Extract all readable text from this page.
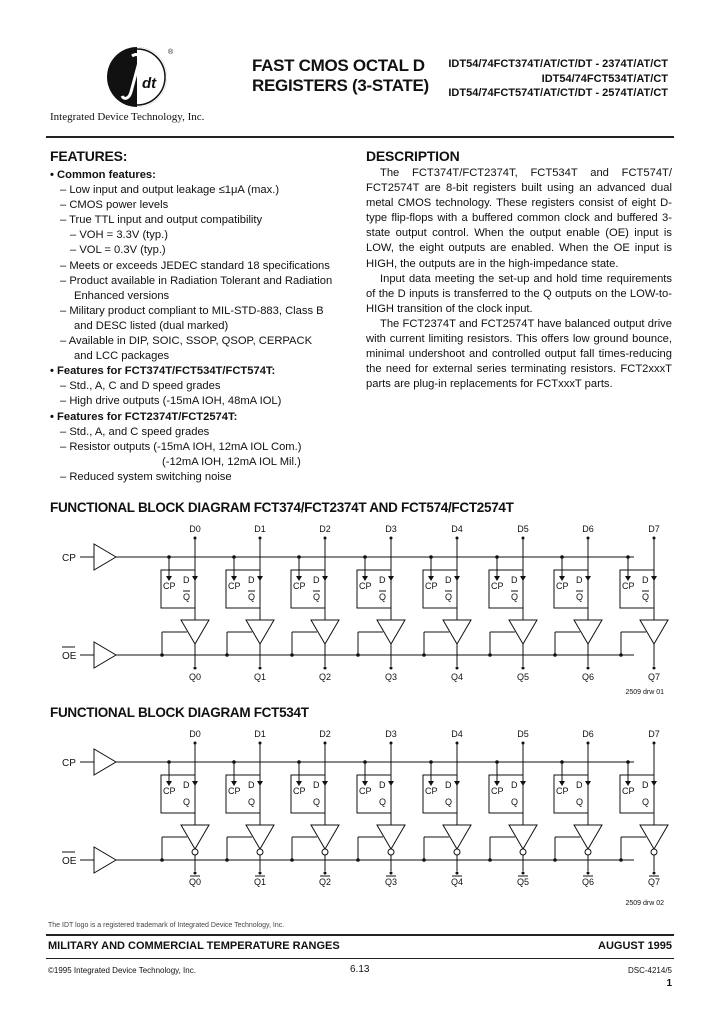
dt
®
Integrated Device Technology, Inc.
FAST CMOS OCTAL D
REGISTERS (3-STATE)
IDT54/74FCT374T/AT/CT/DT - 2374T/AT/CT
IDT54/74FCT534T/AT/CT
IDT54/74FCT574T/AT/CT/DT - 2574T/AT/CT
FEATURES:
• Common features:
– Low input and output leakage ≤1μA (max.)
– CMOS power levels
– True TTL input and output compatibility
– VOH = 3.3V (typ.)
– VOL = 0.3V (typ.)
– Meets or exceeds JEDEC standard 18 specifications
– Product available in Radiation Tolerant and Radiation
Enhanced versions
– Military product compliant to MIL-STD-883, Class B
and DESC listed (dual marked)
– Available in DIP, SOIC, SSOP, QSOP, CERPACK
and LCC packages
• Features for FCT374T/FCT534T/FCT574T:
– Std., A, C and D speed grades
– High drive outputs (-15mA IOH, 48mA IOL)
• Features for FCT2374T/FCT2574T:
– Std., A, and C speed grades
– Resistor outputs (-15mA IOH, 12mA IOL Com.)
(-12mA IOH, 12mA IOL Mil.)
– Reduced system switching noise
DESCRIPTION

The FCT374T/FCT2374T, FCT534T and FCT574T/ FCT2574T are 8-bit registers built using an advanced dual metal CMOS technology. These registers consist of eight D-type flip-flops with a buffered common clock and buffered 3-state output control. When the output enable (OE) input is LOW, the eight outputs are enabled. When the OE input is HIGH, the outputs are in the high-impedance state.

Input data meeting the set-up and hold time requirements of the D inputs is transferred to the Q outputs on the LOW-to-HIGH transition of the clock input.

The FCT2374T and FCT2574T have balanced output drive with current limiting resistors. This offers low ground bounce, minimal undershoot and controlled output fall times-reducing the need for external series terminating resistors. FCT2xxxT parts are plug-in replacements for FCTxxxT parts.

FUNCTIONAL BLOCK DIAGRAM FCT374/FCT2374T AND FCT574/FCT2574T
CP
OE
D0
CP
D
Q
Q0
D1
CP
D
Q
Q1
D2
CP
D
Q
Q2
D3
CP
D
Q
Q3
D4
CP
D
Q
Q4
D5
CP
D
Q
Q5
D6
CP
D
Q
Q6
D7
CP
D
Q
Q7
2509 drw 01
FUNCTIONAL BLOCK DIAGRAM FCT534T
CP
OE
D0
CP
D
Q
Q0
D1
CP
D
Q
Q1
D2
CP
D
Q
Q2
D3
CP
D
Q
Q3
D4
CP
D
Q
Q4
D5
CP
D
Q
Q5
D6
CP
D
Q
Q6
D7
CP
D
Q
Q7
2509 drw 02
The IDT logo is a registered trademark of Integrated Device Technology, Inc.
MILITARY AND COMMERCIAL TEMPERATURE RANGES	AUGUST 1995
©1995 Integrated Device Technology, Inc.	6.13	DSC-4214/5
1
